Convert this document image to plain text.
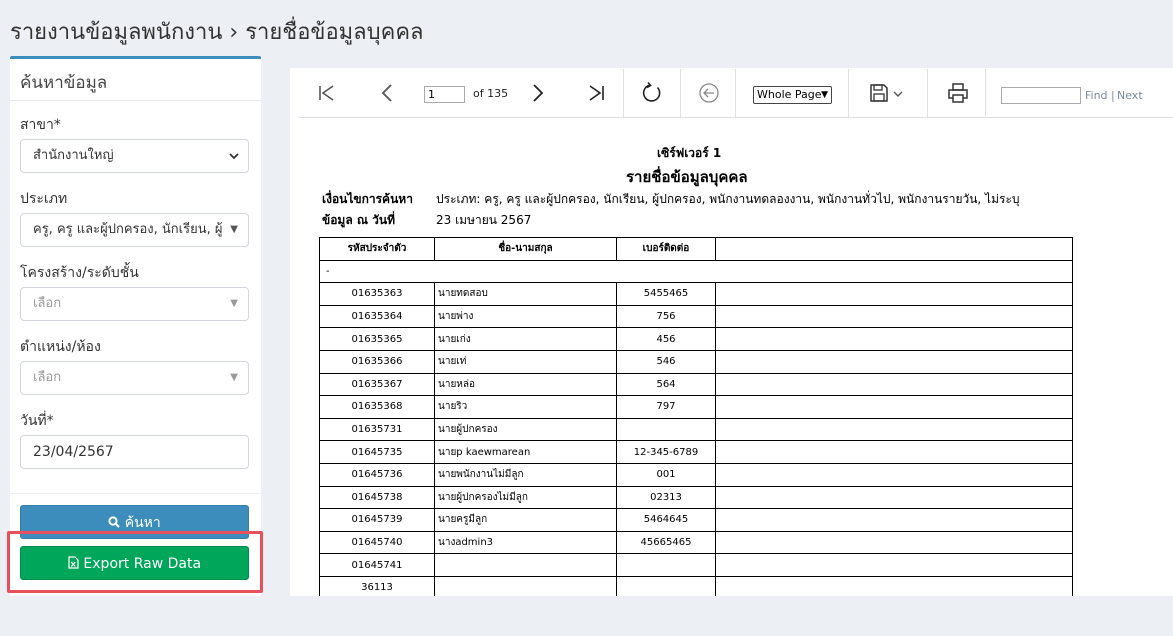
รายงานข้อมูลพนักงาน › รายชื่อข้อมูลบุคคล
ค้นหาข้อมูล
สาขา*
สำนักงานใหญ่
ประเภท
ครู, ครู และผู้ปกครอง, นักเรียน, ผู้ ▼
โครงสร้าง/ระดับชั้น
เลือก	▼
ตำแหน่ง/ห้อง
เลือก	▼
วันที่*
23/04/2567
ค้นหา
Export Raw Data
1	of 135	Whole Page ▼	Find | Next
เซิร์ฟเวอร์ 1
รายชื่อข้อมูลบุคคล
เงื่อนไขการค้นหา ประเภท: ครู, ครู และผู้ปกครอง, นักเรียน, ผู้ปกครอง, พนักงานทดลองงาน, พนักงานทั่วไป, พนักงานรายวัน, ไม่ระบุ
ข้อมูล ณ วันที่	23 เมษายน 2567
รหัสประจำตัว	ชื่อ-นามสกุล	เบอร์ติดต่อ	
-			
01635363	นายทดสอบ	5455465	
01635364	นายพ่าง	756	
01635365	นายเก่ง	456	
01635366	นายเท่	546	
01635367	นายหล่อ	564	
01635368	นายริว	797	
01635731	นายผู้ปกครอง		
01645735	นายp kaewmarean	12-345-6789	
01645736	นายพนักงานไม่มีลูก	001	
01645738	นายผู้ปกครองไม่มีลูก	02313	
01645739	นายครูมีลูก	5464645	
01645740	นางadmin3	45665465	
01645741			
36113			
